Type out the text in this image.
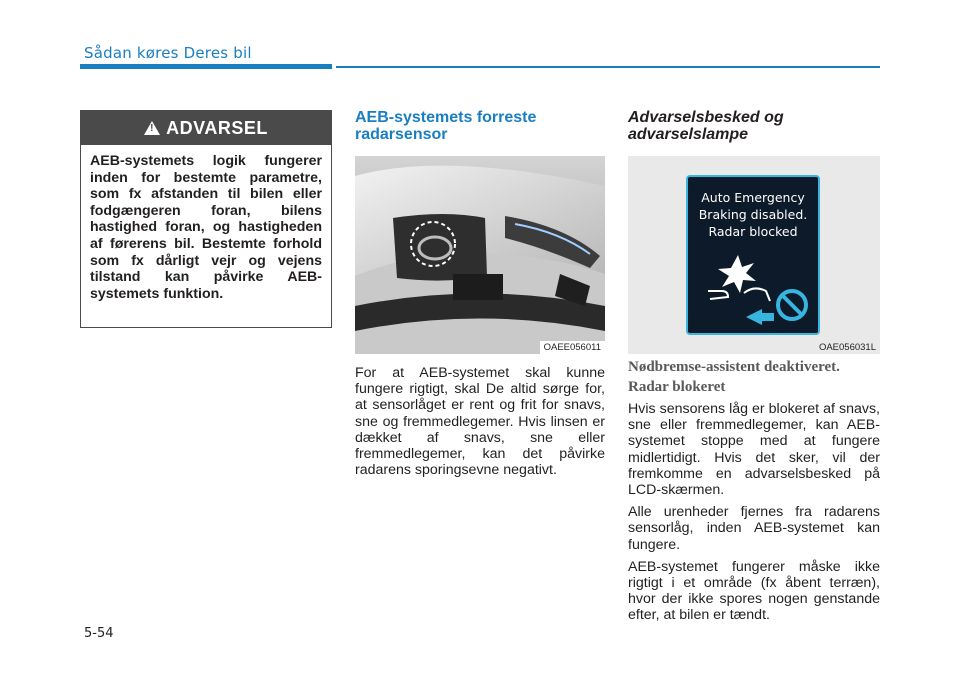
Sådan køres Deres bil
!
ADVARSEL
AEB-systemets logik fungerer inden for bestemte parametre, som fx afstanden til bilen eller fodgængeren foran, bilens hastighed foran, og hastigheden af førerens bil. Bestemte forhold som fx dårligt vejr og vejens tilstand kan påvirke AEB-systemets funktion.
AEB-systemets forreste radarsensor
OAEE056011
For at AEB-systemet skal kunne fungere rigtigt, skal De altid sørge for, at sensorlåget er rent og frit for snavs, sne og fremmedlegemer. Hvis linsen er dækket af snavs, sne eller fremmedlegemer, kan det påvirke radarens sporingsevne negativt.
Advarselsbesked og advarselslampe
Auto Emergency
Braking disabled.
Radar blocked
OAE056031L
Nødbremse-assistent deaktiveret.
Radar blokeret

Hvis sensorens låg er blokeret af snavs, sne eller fremmedlegemer, kan AEB-systemet stoppe med at fungere midlertidigt. Hvis det sker, vil der fremkomme en advarselsbesked på LCD-skærmen.

Alle urenheder fjernes fra radarens sensorlåg, inden AEB-systemet kan fungere.

AEB-systemet fungerer måske ikke rigtigt i et område (fx åbent terræn), hvor der ikke spores nogen genstande efter, at bilen er tændt.

5-54
